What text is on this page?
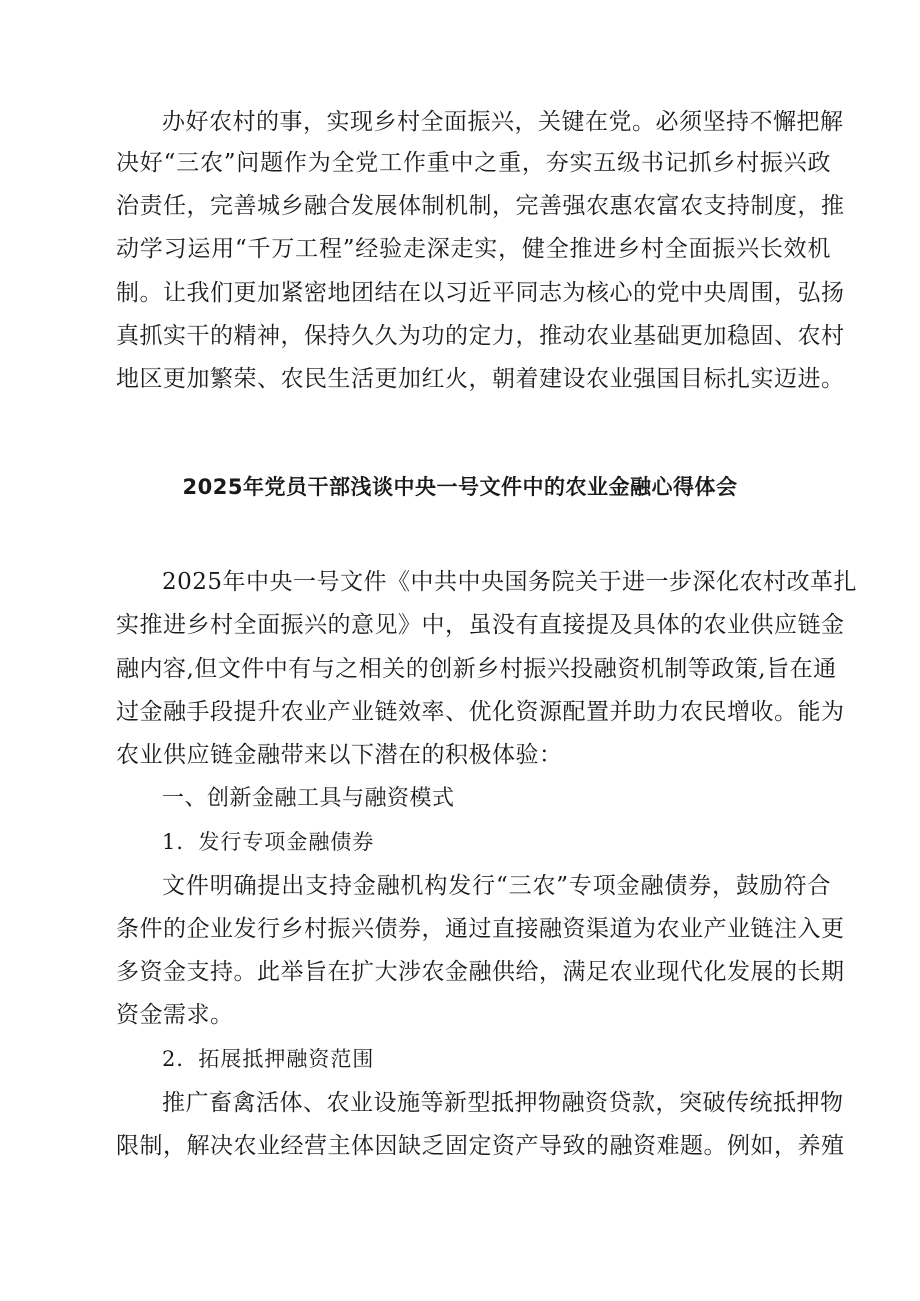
办好农村的事，实现乡村全面振兴，关键在党。必须坚持不懈把解
决好“三农”问题作为全党工作重中之重，夯实五级书记抓乡村振兴政
治责任，完善城乡融合发展体制机制，完善强农惠农富农支持制度，推
动学习运用“千万工程”经验走深走实，健全推进乡村全面振兴长效机
制。让我们更加紧密地团结在以习近平同志为核心的党中央周围，弘扬
真抓实干的精神，保持久久为功的定力，推动农业基础更加稳固、农村
地区更加繁荣、农民生活更加红火，朝着建设农业强国目标扎实迈进。
2025年党员干部浅谈中央一号文件中的农业金融心得体会
2025年中央一号文件《中共中央国务院关于进一步深化农村改革扎
实推进乡村全面振兴的意见》中，虽没有直接提及具体的农业供应链金
融内容,但文件中有与之相关的创新乡村振兴投融资机制等政策,旨在通
过金融手段提升农业产业链效率、优化资源配置并助力农民增收。能为
农业供应链金融带来以下潜在的积极体验：
一、创新金融工具与融资模式
1．发行专项金融债券
文件明确提出支持金融机构发行“三农”专项金融债券，鼓励符合
条件的企业发行乡村振兴债券，通过直接融资渠道为农业产业链注入更
多资金支持。此举旨在扩大涉农金融供给，满足农业现代化发展的长期
资金需求。
2．拓展抵押融资范围
推广畜禽活体、农业设施等新型抵押物融资贷款，突破传统抵押物
限制，解决农业经营主体因缺乏固定资产导致的融资难题。例如，养殖
